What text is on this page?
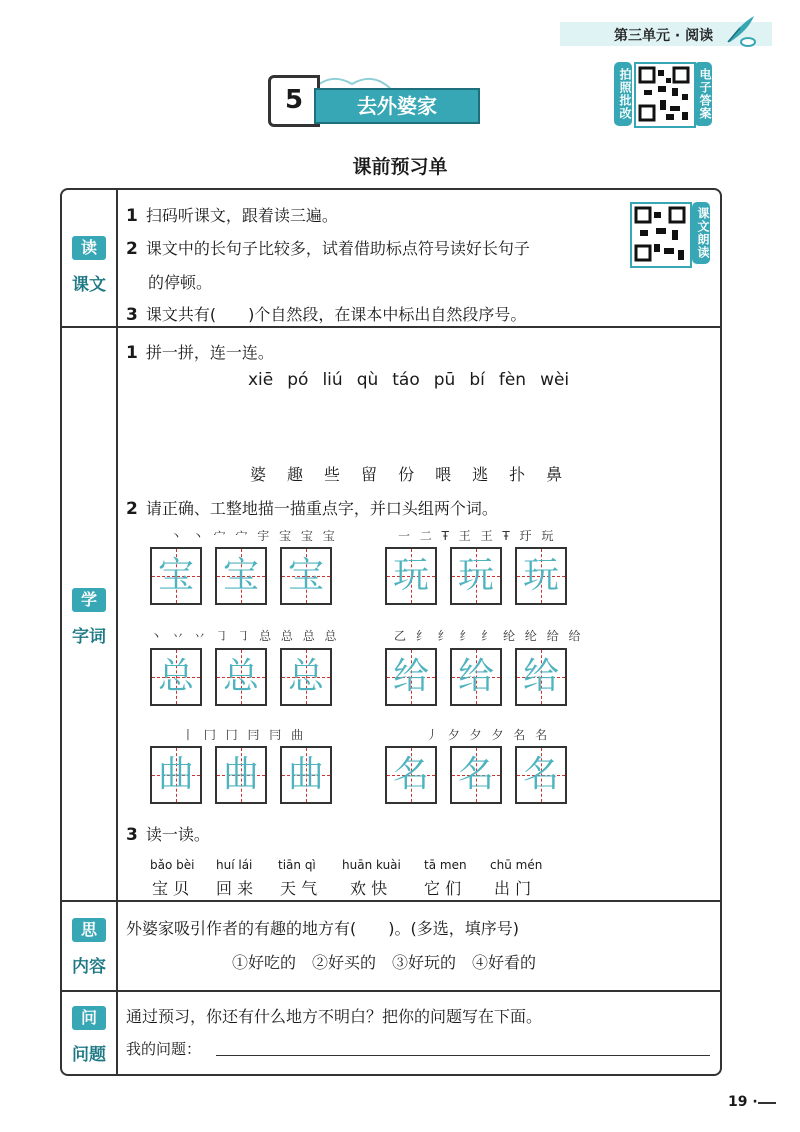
第三单元 · 阅读
5	去外婆家	拍照批改	电子答案
课前预习单
读
课文
1 扫码听课文，跟着读三遍。
2 课文中的长句子比较多，试着借助标点符号读好长句子
的停顿。
3 课文共有(　　)个自然段，在课本中标出自然段序号。
课文朗读
学
字词
1 拼一拼，连一连。
xiē pó liú qù táo pū bí fèn wèi
婆 趣 些 留 份 喂 逃 扑 鼻
2 请正确、工整地描一描重点字，并口头组两个词。
丶 丶 宀 宀 宇 宝 宝 宝
宝 宝 宝
一 二 Ŧ 王 王 Ŧ 玗 玩
玩 玩 玩
丶 丷 丷 ㇆ ㇆ 总 总 总 总
总 总 总
乙 纟 纟 纟 纟 纶 纶 给 给
给 给 给
丨 冂 冂 冃 冃 曲
曲 曲 曲
丿 夕 夕 夕 名 名
名 名 名
3 读一读。
bǎo bèi
宝 贝
huí lái
回 来
tiān qì
天 气
huān kuài
欢 快
tā men
它 们
chū mén
出 门
思
内容
外婆家吸引作者的有趣的地方有(　　)。(多选，填序号)
①好吃的　②好买的　③好玩的　④好看的
问
问题
通过预习，你还有什么地方不明白？把你的问题写在下面。
我的问题：
19 ·
